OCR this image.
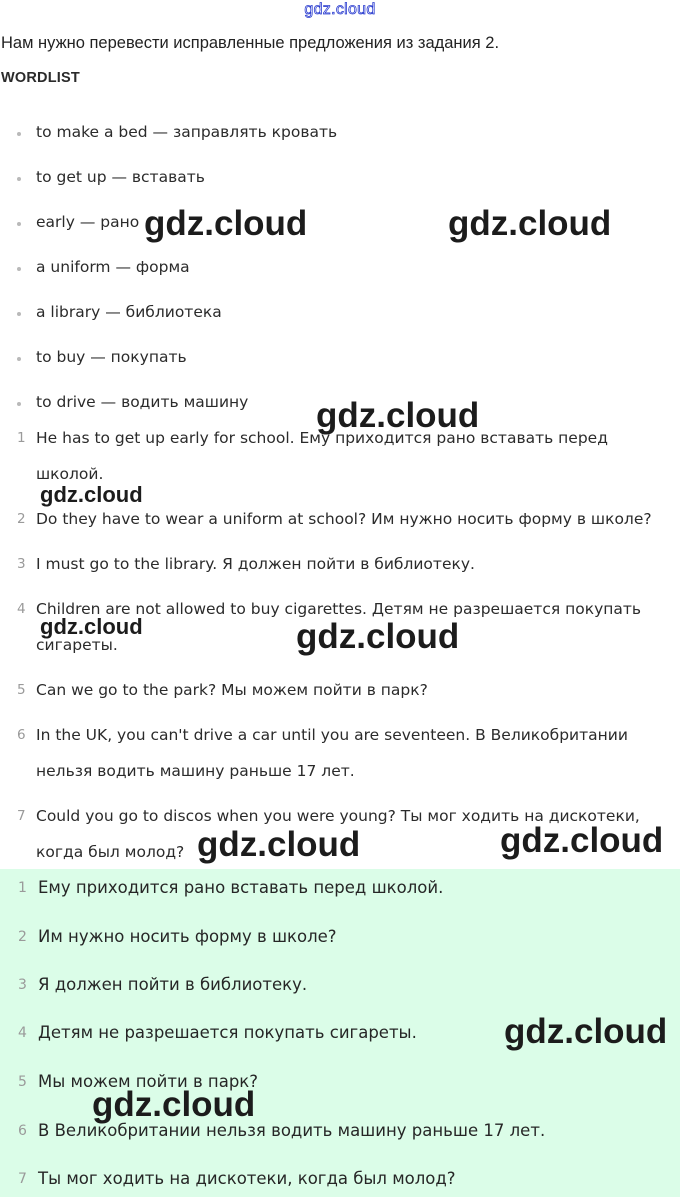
gdz.cloud
Нам нужно перевести исправленные предложения из задания 2.
WORDLIST
to make a bed — заправлять кровать
to get up — вставать
early — рано
a uniform — форма
a library — библиотека
to buy — покупать
to drive — водить машину
1 He has to get up early for school. Ему приходится рано вставать перед школой.
2 Do they have to wear a uniform at school? Им нужно носить форму в школе?
3 I must go to the library. Я должен пойти в библиотеку.
4 Children are not allowed to buy cigarettes. Детям не разрешается покупать сигареты.
5 Can we go to the park? Мы можем пойти в парк?
6 In the UK, you can't drive a car until you are seventeen. В Великобритании нельзя водить машину раньше 17 лет.
7 Could you go to discos when you were young? Ты мог ходить на дискотеки, когда был молод?
1 Ему приходится рано вставать перед школой.
2 Им нужно носить форму в школе?
3 Я должен пойти в библиотеку.
4 Детям не разрешается покупать сигареты.
5 Мы можем пойти в парк?
6 В Великобритании нельзя водить машину раньше 17 лет.
7 Ты мог ходить на дискотеки, когда был молод?
gdz.cloud	gdz.cloud
gdz.cloud
gdz.cloud
gdz.cloud	gdz.cloud
gdz.cloud	gdz.cloud
gdz.cloud
gdz.cloud
